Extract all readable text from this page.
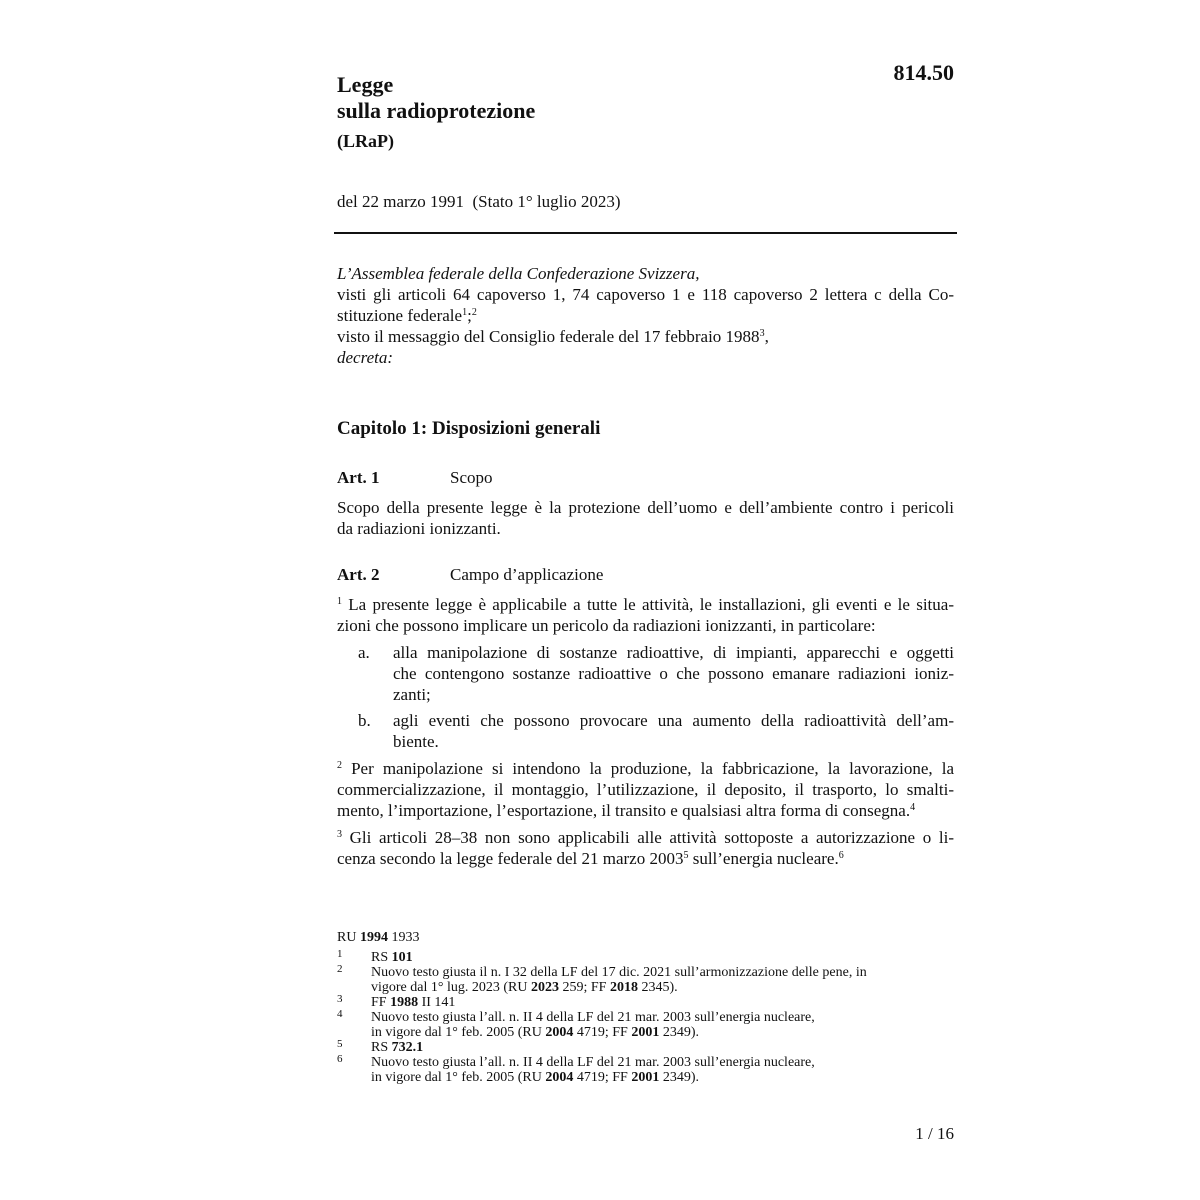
814.50
Legge
sulla radioprotezione
(LRaP)
del 22 marzo 1991 (Stato 1° luglio 2023)

L’Assemblea federale della Confederazione Svizzera,

visti gli articoli 64 capoverso 1, 74 capoverso 1 e 118 capoverso 2 lettera c della Co-

stituzione federale$^1$;$^2$

visto il messaggio del Consiglio federale del 17 febbraio 1988$^3$,

decreta:

Capitolo 1: Disposizioni generali
Art. 1	Scopo

Scopo della presente legge è la protezione dell’uomo e dell’ambiente contro i pericoli

da radiazioni ionizzanti.

Art. 2	Campo d’applicazione

$^1$ La presente legge è applicabile a tutte le attività, le installazioni, gli eventi e le situa-

zioni che possono implicare un pericolo da radiazioni ionizzanti, in particolare:

a. alla manipolazione di sostanze radioattive, di impianti, apparecchi e oggetti
che contengono sostanze radioattive o che possono emanare radiazioni ioniz-
zanti;
b. agli eventi che possono provocare una aumento della radioattività dell’am-
biente.

$^2$ Per manipolazione si intendono la produzione, la fabbricazione, la lavorazione, la

commercializzazione, il montaggio, l’utilizzazione, il deposito, il trasporto, lo smalti-

mento, l’importazione, l’esportazione, il transito e qualsiasi altra forma di consegna.$^4$

$^3$ Gli articoli 28–38 non sono applicabili alle attività sottoposte a autorizzazione o li-

cenza secondo la legge federale del 21 marzo 2003$^5$ sull’energia nucleare.$^6$

RU 1994 1933
1 RS 101
2 Nuovo testo giusta il n. I 32 della LF del 17 dic. 2021 sull’armonizzazione delle pene, in
vigore dal 1° lug. 2023 (RU 2023 259; FF 2018 2345).
3 FF 1988 II 141
4 Nuovo testo giusta l’all. n. II 4 della LF del 21 mar. 2003 sull’energia nucleare,
in vigore dal 1° feb. 2005 (RU 2004 4719; FF 2001 2349).
5 RS 732.1
6 Nuovo testo giusta l’all. n. II 4 della LF del 21 mar. 2003 sull’energia nucleare,
in vigore dal 1° feb. 2005 (RU 2004 4719; FF 2001 2349).
1 / 16
